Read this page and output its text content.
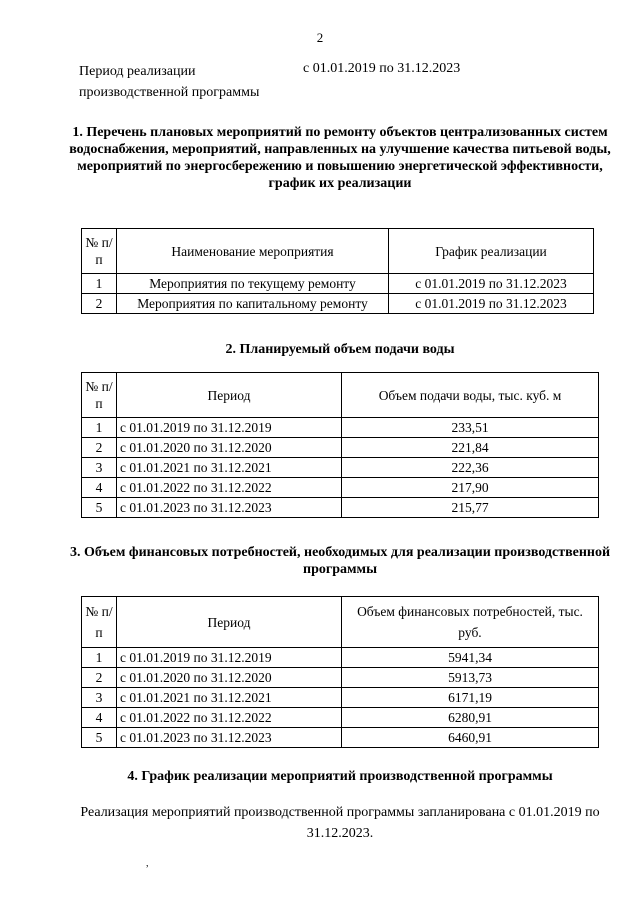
2
Период реализации производственной программы
с 01.01.2019 по 31.12.2023
1. Перечень плановых мероприятий по ремонту объектов централизованных систем водоснабжения, мероприятий, направленных на улучшение качества питьевой воды, мероприятий по энергосбережению и повышению энергетической эффективности, график их реализации
№ п/п	Наименование мероприятия	График реализации
1	Мероприятия по текущему ремонту	с 01.01.2019 по 31.12.2023
2	Мероприятия по капитальному ремонту	с 01.01.2019 по 31.12.2023
2. Планируемый объем подачи воды
№ п/п	Период	Объем подачи воды, тыс. куб. м
1	с 01.01.2019 по 31.12.2019	233,51
2	с 01.01.2020 по 31.12.2020	221,84
3	с 01.01.2021 по 31.12.2021	222,36
4	с 01.01.2022 по 31.12.2022	217,90
5	с 01.01.2023 по 31.12.2023	215,77
3. Объем финансовых потребностей, необходимых для реализации производственной программы
№ п/п	Период	Объем финансовых потребностей, тыс. руб.
1	с 01.01.2019 по 31.12.2019	5941,34
2	с 01.01.2020 по 31.12.2020	5913,73
3	с 01.01.2021 по 31.12.2021	6171,19
4	с 01.01.2022 по 31.12.2022	6280,91
5	с 01.01.2023 по 31.12.2023	6460,91
4. График реализации мероприятий производственной программы
Реализация мероприятий производственной программы запланирована с 01.01.2019 по 31.12.2023.
,
